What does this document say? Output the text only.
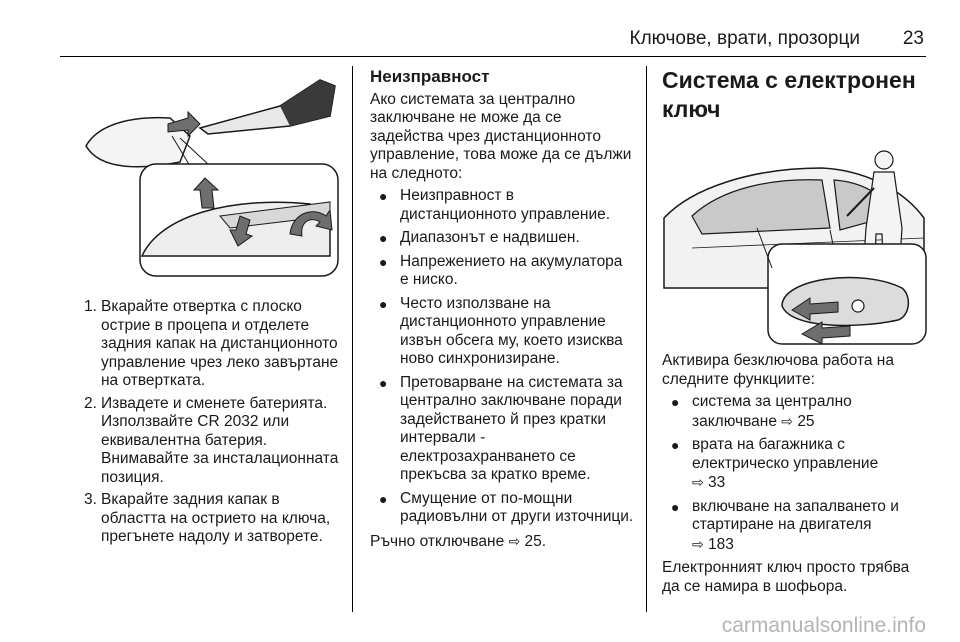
Ключове, врати, прозорци 23
1. Вкарайте отвертка с плоско острие в процепа и отделете задния капак на дистанционното управление чрез леко завъртане на отвертката.
2. Извадете и сменете батерията. Използвайте CR 2032 или еквивалентна батерия. Внимавайте за инсталационната позиция.
3. Вкарайте задния капак в областта на острието на ключа, прегънете надолу и затворете.
Неизправност

Ако системата за централно заключване не може да се задейства чрез дистанционното управление, това може да се дължи на следното:

● Неизправност в дистанционното управление.
● Диапазонът е надвишен.
● Напрежението на акумулатора е ниско.
● Често използване на дистанционното управление извън обсега му, което изисква ново синхронизиране.
● Претоварване на системата за централно заключване поради задействането й през кратки интервали - електрозахранването се прекъсва за кратко време.
● Смущение от по-мощни радиовълни от други източници.

Ръчно отключване ⇨ 25.

Система с електронен
ключ

Активира безключова работа на следните функциите:

● система за централно заключване ⇨ 25
● врата на багажника с електрическо управление
⇨ 33
● включване на запалването и стартиране на двигателя
⇨ 183

Електронният ключ просто трябва да се намира в шофьора.

carmanualsonline.info
